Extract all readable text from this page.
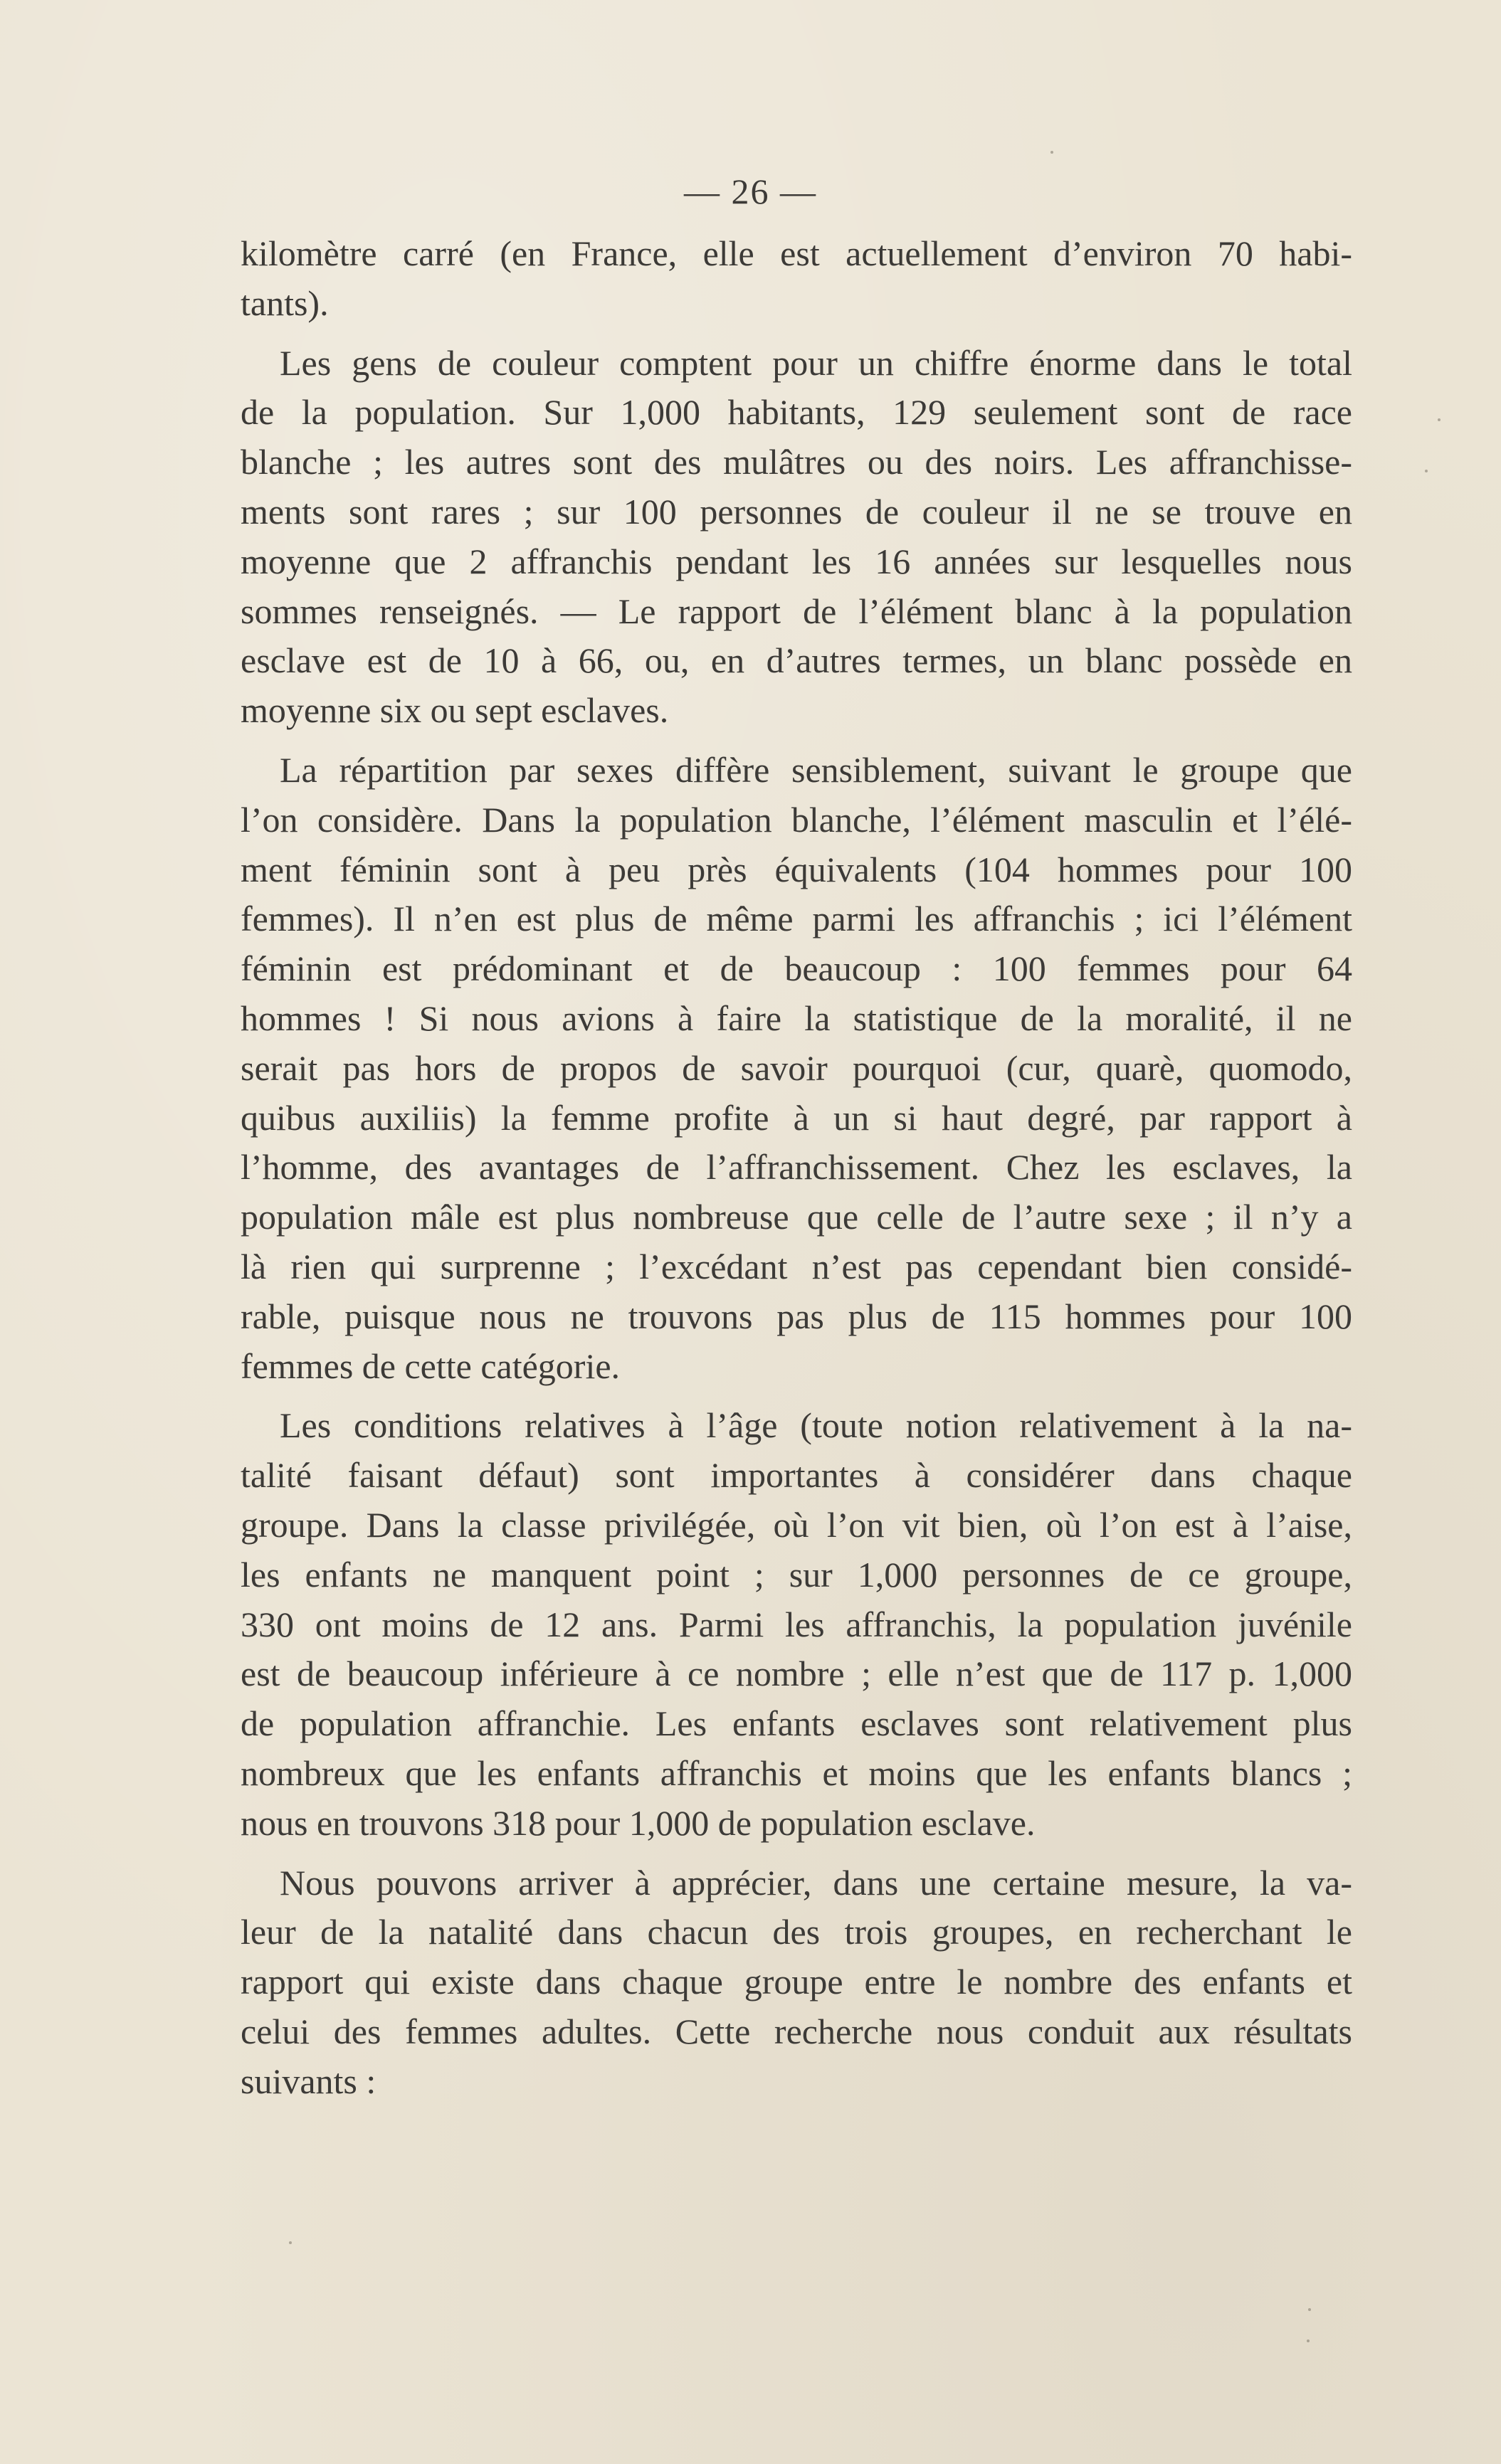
— 26 —

kilomètre carré (en France, elle est actuellement d’environ 70 habi-
tants).

Les gens de couleur comptent pour un chiffre énorme dans le total
de la population. Sur 1,000 habitants, 129 seulement sont de race
blanche ; les autres sont des mulâtres ou des noirs. Les affranchisse-
ments sont rares ; sur 100 personnes de couleur il ne se trouve en
moyenne que 2 affranchis pendant les 16 années sur lesquelles nous
sommes renseignés. — Le rapport de l’élément blanc à la population
esclave est de 10 à 66, ou, en d’autres termes, un blanc possède en
moyenne six ou sept esclaves.

La répartition par sexes diffère sensiblement, suivant le groupe que
l’on considère. Dans la population blanche, l’élément masculin et l’élé-
ment féminin sont à peu près équivalents (104 hommes pour 100
femmes). Il n’en est plus de même parmi les affranchis ; ici l’élément
féminin est prédominant et de beaucoup : 100 femmes pour 64
hommes ! Si nous avions à faire la statistique de la moralité, il ne
serait pas hors de propos de savoir pourquoi (cur, quarè, quomodo,
quibus auxiliis) la femme profite à un si haut degré, par rapport à
l’homme, des avantages de l’affranchissement. Chez les esclaves, la
population mâle est plus nombreuse que celle de l’autre sexe ; il n’y a
là rien qui surprenne ; l’excédant n’est pas cependant bien considé-
rable, puisque nous ne trouvons pas plus de 115 hommes pour 100
femmes de cette catégorie.

Les conditions relatives à l’âge (toute notion relativement à la na-
talité faisant défaut) sont importantes à considérer dans chaque
groupe. Dans la classe privilégée, où l’on vit bien, où l’on est à l’aise,
les enfants ne manquent point ; sur 1,000 personnes de ce groupe,
330 ont moins de 12 ans. Parmi les affranchis, la population juvénile
est de beaucoup inférieure à ce nombre ; elle n’est que de 117 p. 1,000
de population affranchie. Les enfants esclaves sont relativement plus
nombreux que les enfants affranchis et moins que les enfants blancs ;
nous en trouvons 318 pour 1,000 de population esclave.

Nous pouvons arriver à apprécier, dans une certaine mesure, la va-
leur de la natalité dans chacun des trois groupes, en recherchant le
rapport qui existe dans chaque groupe entre le nombre des enfants et
celui des femmes adultes. Cette recherche nous conduit aux résultats
suivants :
